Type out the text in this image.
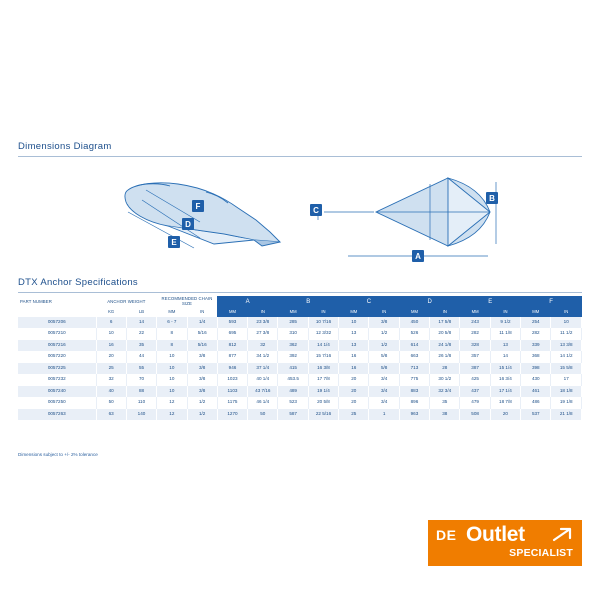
Dimensions Diagram
F
D
E
B
C
A
DTX Anchor Specifications
PART NUMBER	ANCHOR WEIGHT		RECOMMENDED CHAIN SIZE		A		B		C		D		E		F	
	KG	LB	MM	IN	MM	IN	MM	IN	MM	IN	MM	IN	MM	IN	MM	IN
0057206	6	14	6 - 7	1/4	593	23 3/8	285	10 7/16	10	3/8	450	17 5/8	243	9 1/2	254	10
0057210	10	22	8	5/16	695	27 3/8	310	12 3/32	13	1/2	526	20 5/8	282	11 1/8	282	11 1/2
0057216	16	35	8	5/16	812	32	362	14 1/4	13	1/2	614	24 1/8	328	13	339	13 3/8
0057220	20	44	10	3/8	877	34 1/2	392	15 7/16	16	5/8	663	26 1/8	357	14	368	14 1/2
0057225	25	55	10	3/8	946	37 1/4	415	16 3/8	16	5/8	713	28	387	15 1/4	398	15 5/8
0057232	32	70	10	3/8	1023	40 1/4	453.5	17 7/8	20	3/4	775	30 1/2	425	16 3/4	430	17
0057240	40	88	10	3/8	1103	43 7/16	489	19 1/4	20	3/4	883	32 3/4	437	17 1/4	461	18 1/8
0057250	50	110	12	1/2	1175	46 1/4	523	20 5/8	20	3/4	896	35	479	18 7/8	486	19 1/8
0057263	63	140	12	1/2	1270	50	587	22 5/16	25	1	963	38	508	20	537	21 1/8
Dimensions subject to +/- 2% tolerance
DE Outlet
SPECIALIST
